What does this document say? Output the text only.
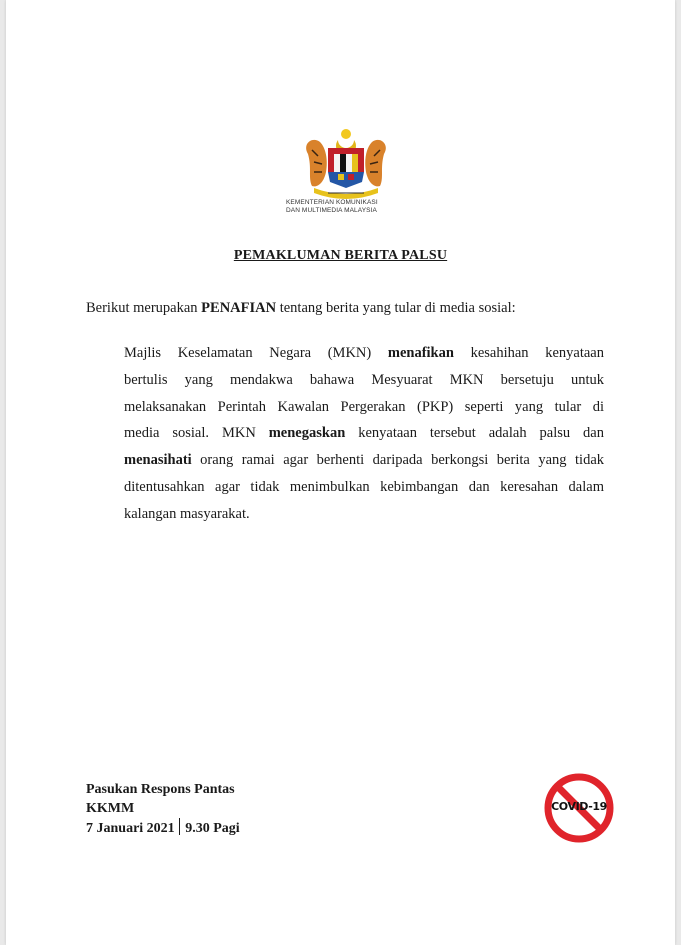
KEMENTERIAN KOMUNIKASI
DAN MULTIMEDIA MALAYSIA
PEMAKLUMAN BERITA PALSU
Berikut merupakan PENAFIAN tentang berita yang tular di media sosial:
Majlis Keselamatan Negara (MKN) menafikan kesahihan kenyataan
bertulis yang mendakwa bahawa Mesyuarat MKN bersetuju untuk
melaksanakan Perintah Kawalan Pergerakan (PKP) seperti yang tular di
media sosial. MKN menegaskan kenyataan tersebut adalah palsu dan
menasihati orang ramai agar berhenti daripada berkongsi berita yang tidak
ditentusahkan agar tidak menimbulkan kebimbangan dan keresahan dalam
kalangan masyarakat.
Pasukan Respons Pantas
KKMM
7 Januari 2021 9.30 Pagi
COVID-19
